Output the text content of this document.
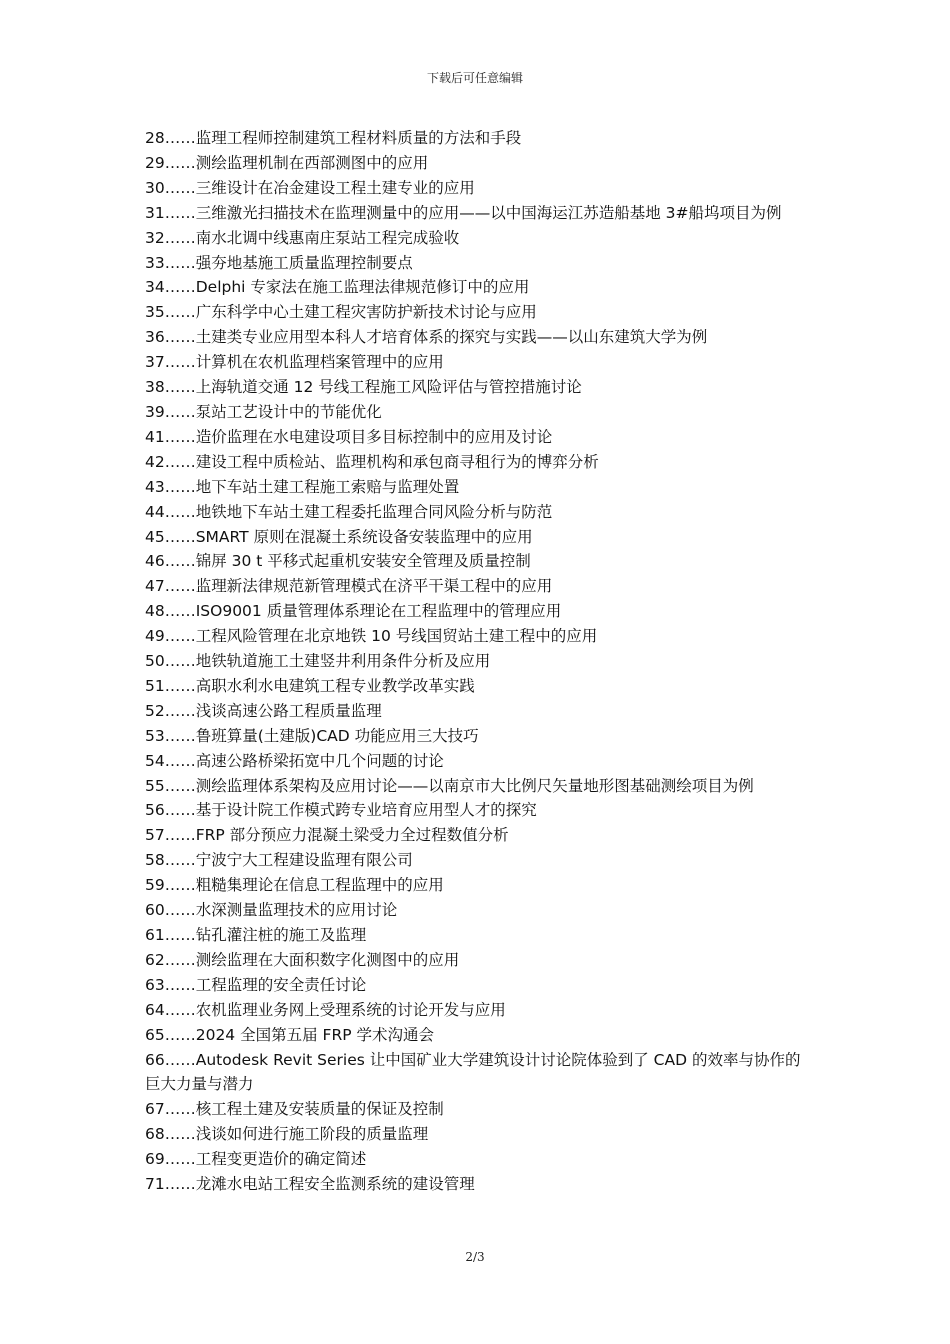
下载后可任意编辑
28……监理工程师控制建筑工程材料质量的方法和手段
29……测绘监理机制在西部测图中的应用
30……三维设计在冶金建设工程土建专业的应用
31……三维激光扫描技术在监理测量中的应用——以中国海运江苏造船基地 3#船坞项目为例
32……南水北调中线惠南庄泵站工程完成验收
33……强夯地基施工质量监理控制要点
34……Delphi 专家法在施工监理法律规范修订中的应用
35……广东科学中心土建工程灾害防护新技术讨论与应用
36……土建类专业应用型本科人才培育体系的探究与实践——以山东建筑大学为例
37……计算机在农机监理档案管理中的应用
38……上海轨道交通 12 号线工程施工风险评估与管控措施讨论
39……泵站工艺设计中的节能优化
41……造价监理在水电建设项目多目标控制中的应用及讨论
42……建设工程中质检站、监理机构和承包商寻租行为的博弈分析
43……地下车站土建工程施工索赔与监理处置
44……地铁地下车站土建工程委托监理合同风险分析与防范
45……SMART 原则在混凝土系统设备安装监理中的应用
46……锦屏 30 t 平移式起重机安装安全管理及质量控制
47……监理新法律规范新管理模式在济平干渠工程中的应用
48……ISO9001 质量管理体系理论在工程监理中的管理应用
49……工程风险管理在北京地铁 10 号线国贸站土建工程中的应用
50……地铁轨道施工土建竖井利用条件分析及应用
51……高职水利水电建筑工程专业教学改革实践
52……浅谈高速公路工程质量监理
53……鲁班算量(土建版)CAD 功能应用三大技巧
54……高速公路桥梁拓宽中几个问题的讨论
55……测绘监理体系架构及应用讨论——以南京市大比例尺矢量地形图基础测绘项目为例
56……基于设计院工作模式跨专业培育应用型人才的探究
57……FRP 部分预应力混凝土梁受力全过程数值分析
58……宁波宁大工程建设监理有限公司
59……粗糙集理论在信息工程监理中的应用
60……水深测量监理技术的应用讨论
61……钻孔灌注桩的施工及监理
62……测绘监理在大面积数字化测图中的应用
63……工程监理的安全责任讨论
64……农机监理业务网上受理系统的讨论开发与应用
65……2024 全国第五届 FRP 学术沟通会
66……Autodesk Revit Series 让中国矿业大学建筑设计讨论院体验到了 CAD 的效率与协作的巨大力量与潜力
67……核工程土建及安装质量的保证及控制
68……浅谈如何进行施工阶段的质量监理
69……工程变更造价的确定简述
71……龙滩水电站工程安全监测系统的建设管理
2/3
